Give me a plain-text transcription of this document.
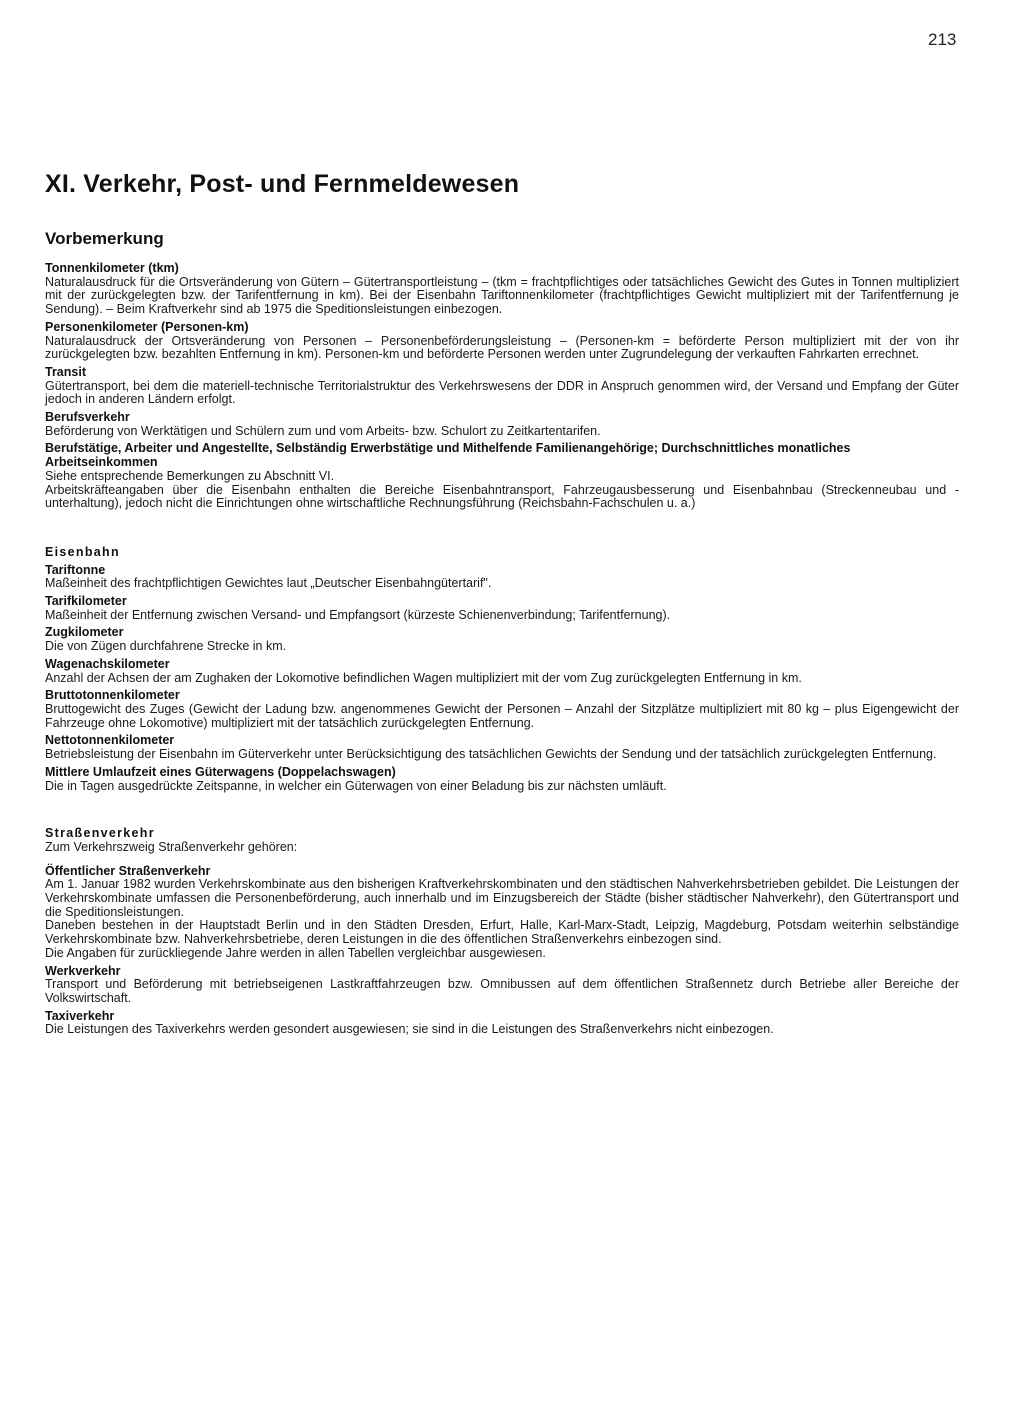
213
XI. Verkehr, Post- und Fernmeldewesen
Vorbemerkung
Tonnenkilometer (tkm)
Naturalausdruck für die Ortsveränderung von Gütern – Gütertransportleistung – (tkm = frachtpflichtiges oder tatsächliches Gewicht des Gutes in Tonnen multipliziert mit der zurückgelegten bzw. der Tarifentfernung in km). Bei der Eisenbahn Tariftonnenkilometer (frachtpflichtiges Gewicht multipliziert mit der Tarifentfernung je Sendung). – Beim Kraftverkehr sind ab 1975 die Speditionsleistungen einbezogen.
Personenkilometer (Personen-km)
Naturalausdruck der Ortsveränderung von Personen – Personenbeförderungsleistung – (Personen-km = beförderte Person multipliziert mit der von ihr zurückgelegten bzw. bezahlten Entfernung in km). Personen-km und beförderte Personen werden unter Zugrundelegung der verkauften Fahrkarten errechnet.
Transit
Gütertransport, bei dem die materiell-technische Territorialstruktur des Verkehrswesens der DDR in Anspruch genommen wird, der Versand und Empfang der Güter jedoch in anderen Ländern erfolgt.
Berufsverkehr
Beförderung von Werktätigen und Schülern zum und vom Arbeits- bzw. Schulort zu Zeitkartentarifen.
Berufstätige, Arbeiter und Angestellte, Selbständig Erwerbstätige und Mithelfende Familienangehörige; Durchschnittliches monatliches Arbeitseinkommen
Siehe entsprechende Bemerkungen zu Abschnitt VI.
Arbeitskräfteangaben über die Eisenbahn enthalten die Bereiche Eisenbahntransport, Fahrzeugausbesserung und Eisenbahnbau (Streckenneubau und -unterhaltung), jedoch nicht die Einrichtungen ohne wirtschaftliche Rechnungsführung (Reichsbahn-Fachschulen u. a.)
Eisenbahn
Tariftonne
Maßeinheit des frachtpflichtigen Gewichtes laut „Deutscher Eisenbahngütertarif".
Tarifkilometer
Maßeinheit der Entfernung zwischen Versand- und Empfangsort (kürzeste Schienenverbindung; Tarifentfernung).
Zugkilometer
Die von Zügen durchfahrene Strecke in km.
Wagenachskilometer
Anzahl der Achsen der am Zughaken der Lokomotive befindlichen Wagen multipliziert mit der vom Zug zurückgelegten Entfernung in km.
Bruttotonnenkilometer
Bruttogewicht des Zuges (Gewicht der Ladung bzw. angenommenes Gewicht der Personen – Anzahl der Sitzplätze multipliziert mit 80 kg – plus Eigengewicht der Fahrzeuge ohne Lokomotive) multipliziert mit der tatsächlich zurückgelegten Entfernung.
Nettotonnenkilometer
Betriebsleistung der Eisenbahn im Güterverkehr unter Berücksichtigung des tatsächlichen Gewichts der Sendung und der tatsächlich zurückgelegten Entfernung.
Mittlere Umlaufzeit eines Güterwagens (Doppelachswagen)
Die in Tagen ausgedrückte Zeitspanne, in welcher ein Güterwagen von einer Beladung bis zur nächsten umläuft.
Straßenverkehr
Zum Verkehrszweig Straßenverkehr gehören:
Öffentlicher Straßenverkehr
Am 1. Januar 1982 wurden Verkehrskombinate aus den bisherigen Kraftverkehrskombinaten und den städtischen Nahverkehrsbetrieben gebildet. Die Leistungen der Verkehrskombinate umfassen die Personenbeförderung, auch innerhalb und im Einzugsbereich der Städte (bisher städtischer Nahverkehr), den Gütertransport und die Speditionsleistungen.
Daneben bestehen in der Hauptstadt Berlin und in den Städten Dresden, Erfurt, Halle, Karl-Marx-Stadt, Leipzig, Magdeburg, Potsdam weiterhin selbständige Verkehrskombinate bzw. Nahverkehrsbetriebe, deren Leistungen in die des öffentlichen Straßenverkehrs einbezogen sind.
Die Angaben für zurückliegende Jahre werden in allen Tabellen vergleichbar ausgewiesen.
Werkverkehr
Transport und Beförderung mit betriebseigenen Lastkraftfahrzeugen bzw. Omnibussen auf dem öffentlichen Straßennetz durch Betriebe aller Bereiche der Volkswirtschaft.
Taxiverkehr
Die Leistungen des Taxiverkehrs werden gesondert ausgewiesen; sie sind in die Leistungen des Straßenverkehrs nicht einbezogen.
